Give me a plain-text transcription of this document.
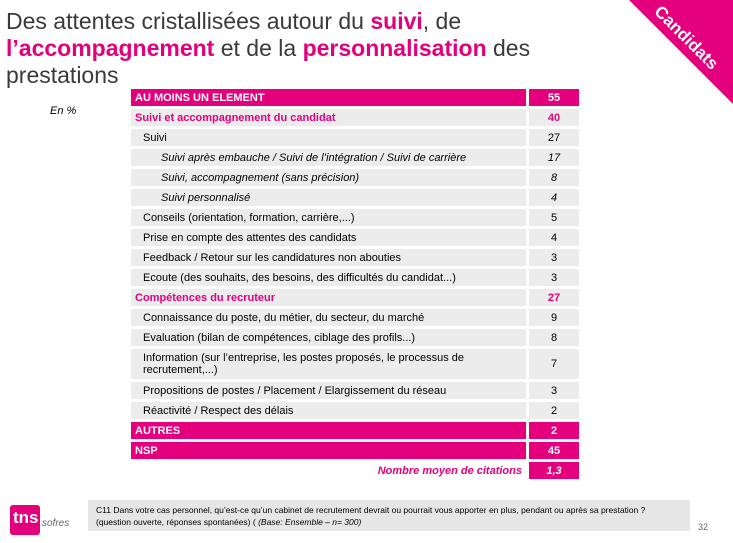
Des attentes cristallisées autour du suivi, de
l’accompagnement et de la personnalisation des prestations
Candidats
En %
AU MOINS UN ELEMENT	55
Suivi et accompagnement du candidat	40
Suivi	27
Suivi après embauche / Suivi de l’intégration / Suivi de carrière	17
Suivi, accompagnement (sans précision)	8
Suivi personnalisé	4
Conseils (orientation, formation, carrière,...)	5
Prise en compte des attentes des candidats	4
Feedback / Retour sur les candidatures non abouties	3
Ecoute (des souhaits, des besoins, des difficultés du candidat...)	3
Compétences du recruteur	27
Connaissance du poste, du métier, du secteur, du marché	9
Evaluation (bilan de compétences, ciblage des profils...)	8
Information (sur l’entreprise, les postes proposés, le processus de recrutement,...)	7
Propositions de postes / Placement / Elargissement du réseau	3
Réactivité / Respect des délais	2
AUTRES	2
NSP	45
Nombre moyen de citations	1,3
C11 Dans votre cas personnel, qu’est-ce qu’un cabinet de recrutement devrait ou pourrait vous apporter en plus, pendant ou après sa prestation ? (question ouverte, réponses spontanées) ( (Base: Ensemble – n= 300)
tns sofres	32
